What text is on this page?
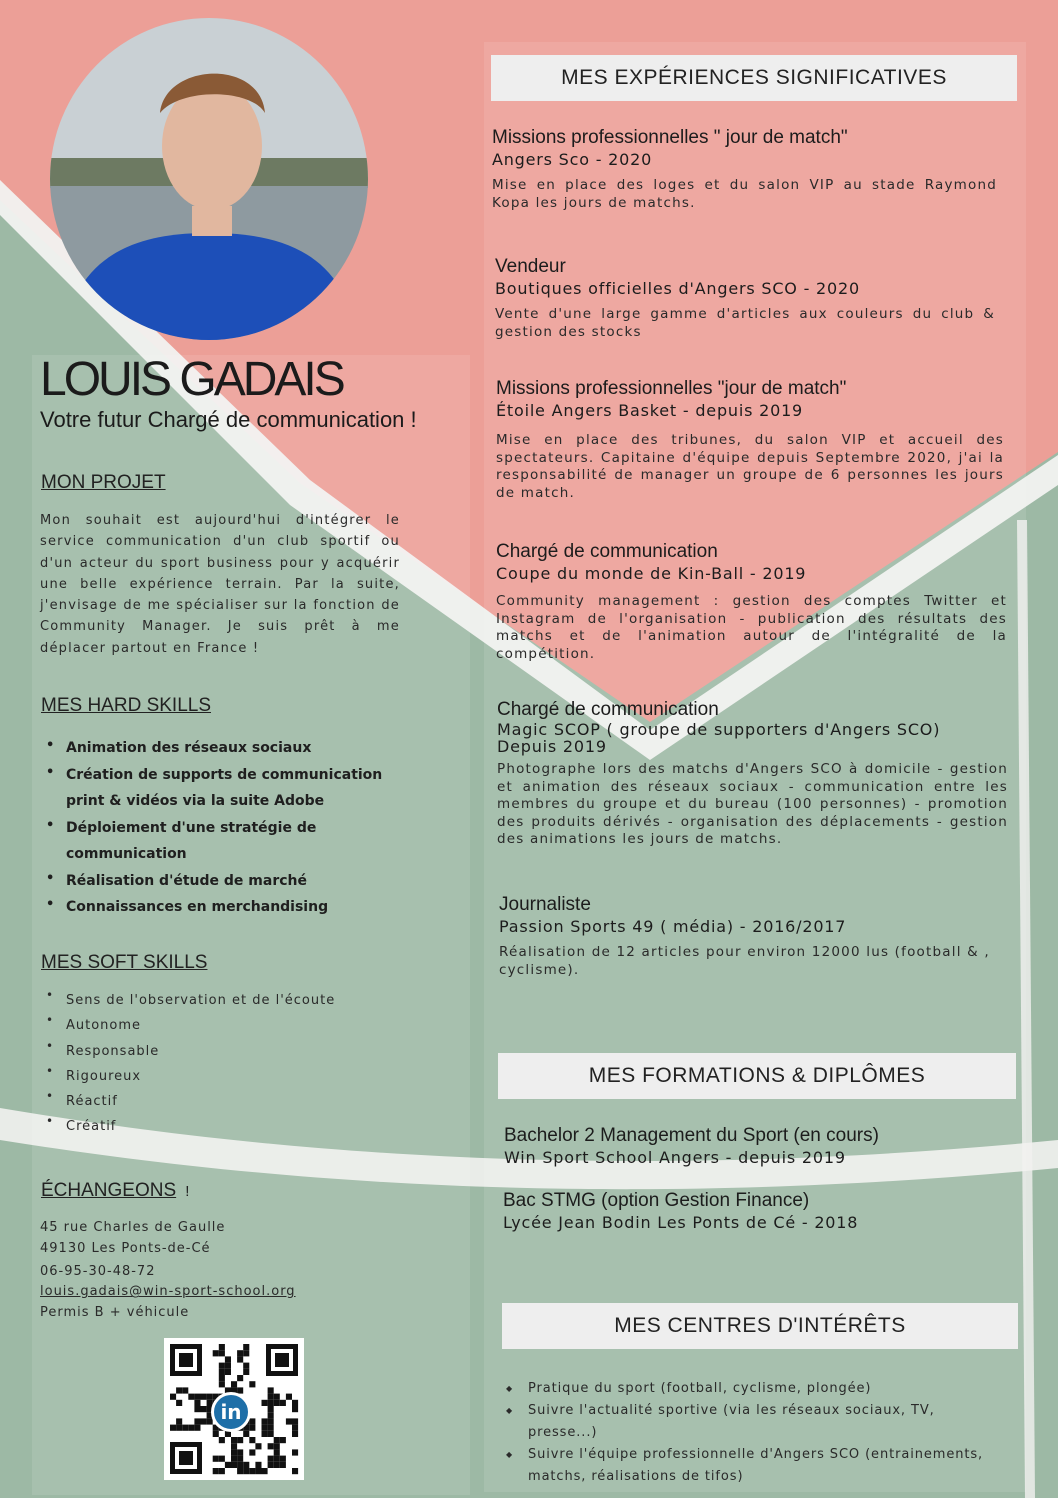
LOUIS GADAIS
Votre futur Chargé de communication !
MON PROJET
Mon souhait est aujourd'hui d'intégrer le service communication d'un club sportif ou d'un acteur du sport business pour y acquérir une belle expérience terrain. Par la suite, j'envisage de me spécialiser sur la fonction de Community Manager. Je suis prêt à me déplacer partout en France !
MES HARD SKILLS
• Animation des réseaux sociaux
• Création de supports de communication print & vidéos via la suite Adobe
• Déploiement d'une stratégie de communication
• Réalisation d'étude de marché
• Connaissances en merchandising
MES SOFT SKILLS
• Sens de l'observation et de l'écoute
• Autonome
• Responsable
• Rigoureux
• Réactif
• Créatif
ÉCHANGEONS !
45 rue Charles de Gaulle
49130 Les Ponts-de-Cé
06-95-30-48-72
louis.gadais@win-sport-school.org
Permis B + véhicule
in
MES EXPÉRIENCES SIGNIFICATIVES
Missions professionnelles " jour de match"
Angers Sco - 2020
Mise en place des loges et du salon VIP au stade Raymond Kopa les jours de matchs.
Vendeur
Boutiques officielles d'Angers SCO - 2020
Vente d'une large gamme d'articles aux couleurs du club & gestion des stocks
Missions professionnelles "jour de match"
Étoile Angers Basket - depuis 2019
Mise en place des tribunes, du salon VIP et accueil des spectateurs. Capitaine d'équipe depuis Septembre 2020, j'ai la responsabilité de manager un groupe de 6 personnes les jours de match.
Chargé de communication
Coupe du monde de Kin-Ball - 2019
Community management : gestion des comptes Twitter et Instagram de l'organisation - publication des résultats des matchs et de l'animation autour de l'intégralité de la compétition.
Chargé de communication
Magic SCOP ( groupe de supporters d'Angers SCO)
Depuis 2019
Photographe lors des matchs d'Angers SCO à domicile - gestion et animation des réseaux sociaux - communication entre les membres du groupe et du bureau (100 personnes) - promotion des produits dérivés - organisation des déplacements - gestion des animations les jours de matchs.
Journaliste
Passion Sports 49 ( média) - 2016/2017
Réalisation de 12 articles pour environ 12000 lus (football & , cyclisme).
MES FORMATIONS & DIPLÔMES
Bachelor 2 Management du Sport (en cours)
Win Sport School Angers - depuis 2019
Bac STMG (option Gestion Finance)
Lycée Jean Bodin Les Ponts de Cé - 2018
MES CENTRES D'INTÉRÊTS
◆ Pratique du sport (football, cyclisme, plongée)
◆ Suivre l'actualité sportive (via les réseaux sociaux, TV, presse...)
◆ Suivre l'équipe professionnelle d'Angers SCO (entrainements, matchs, réalisations de tifos)
